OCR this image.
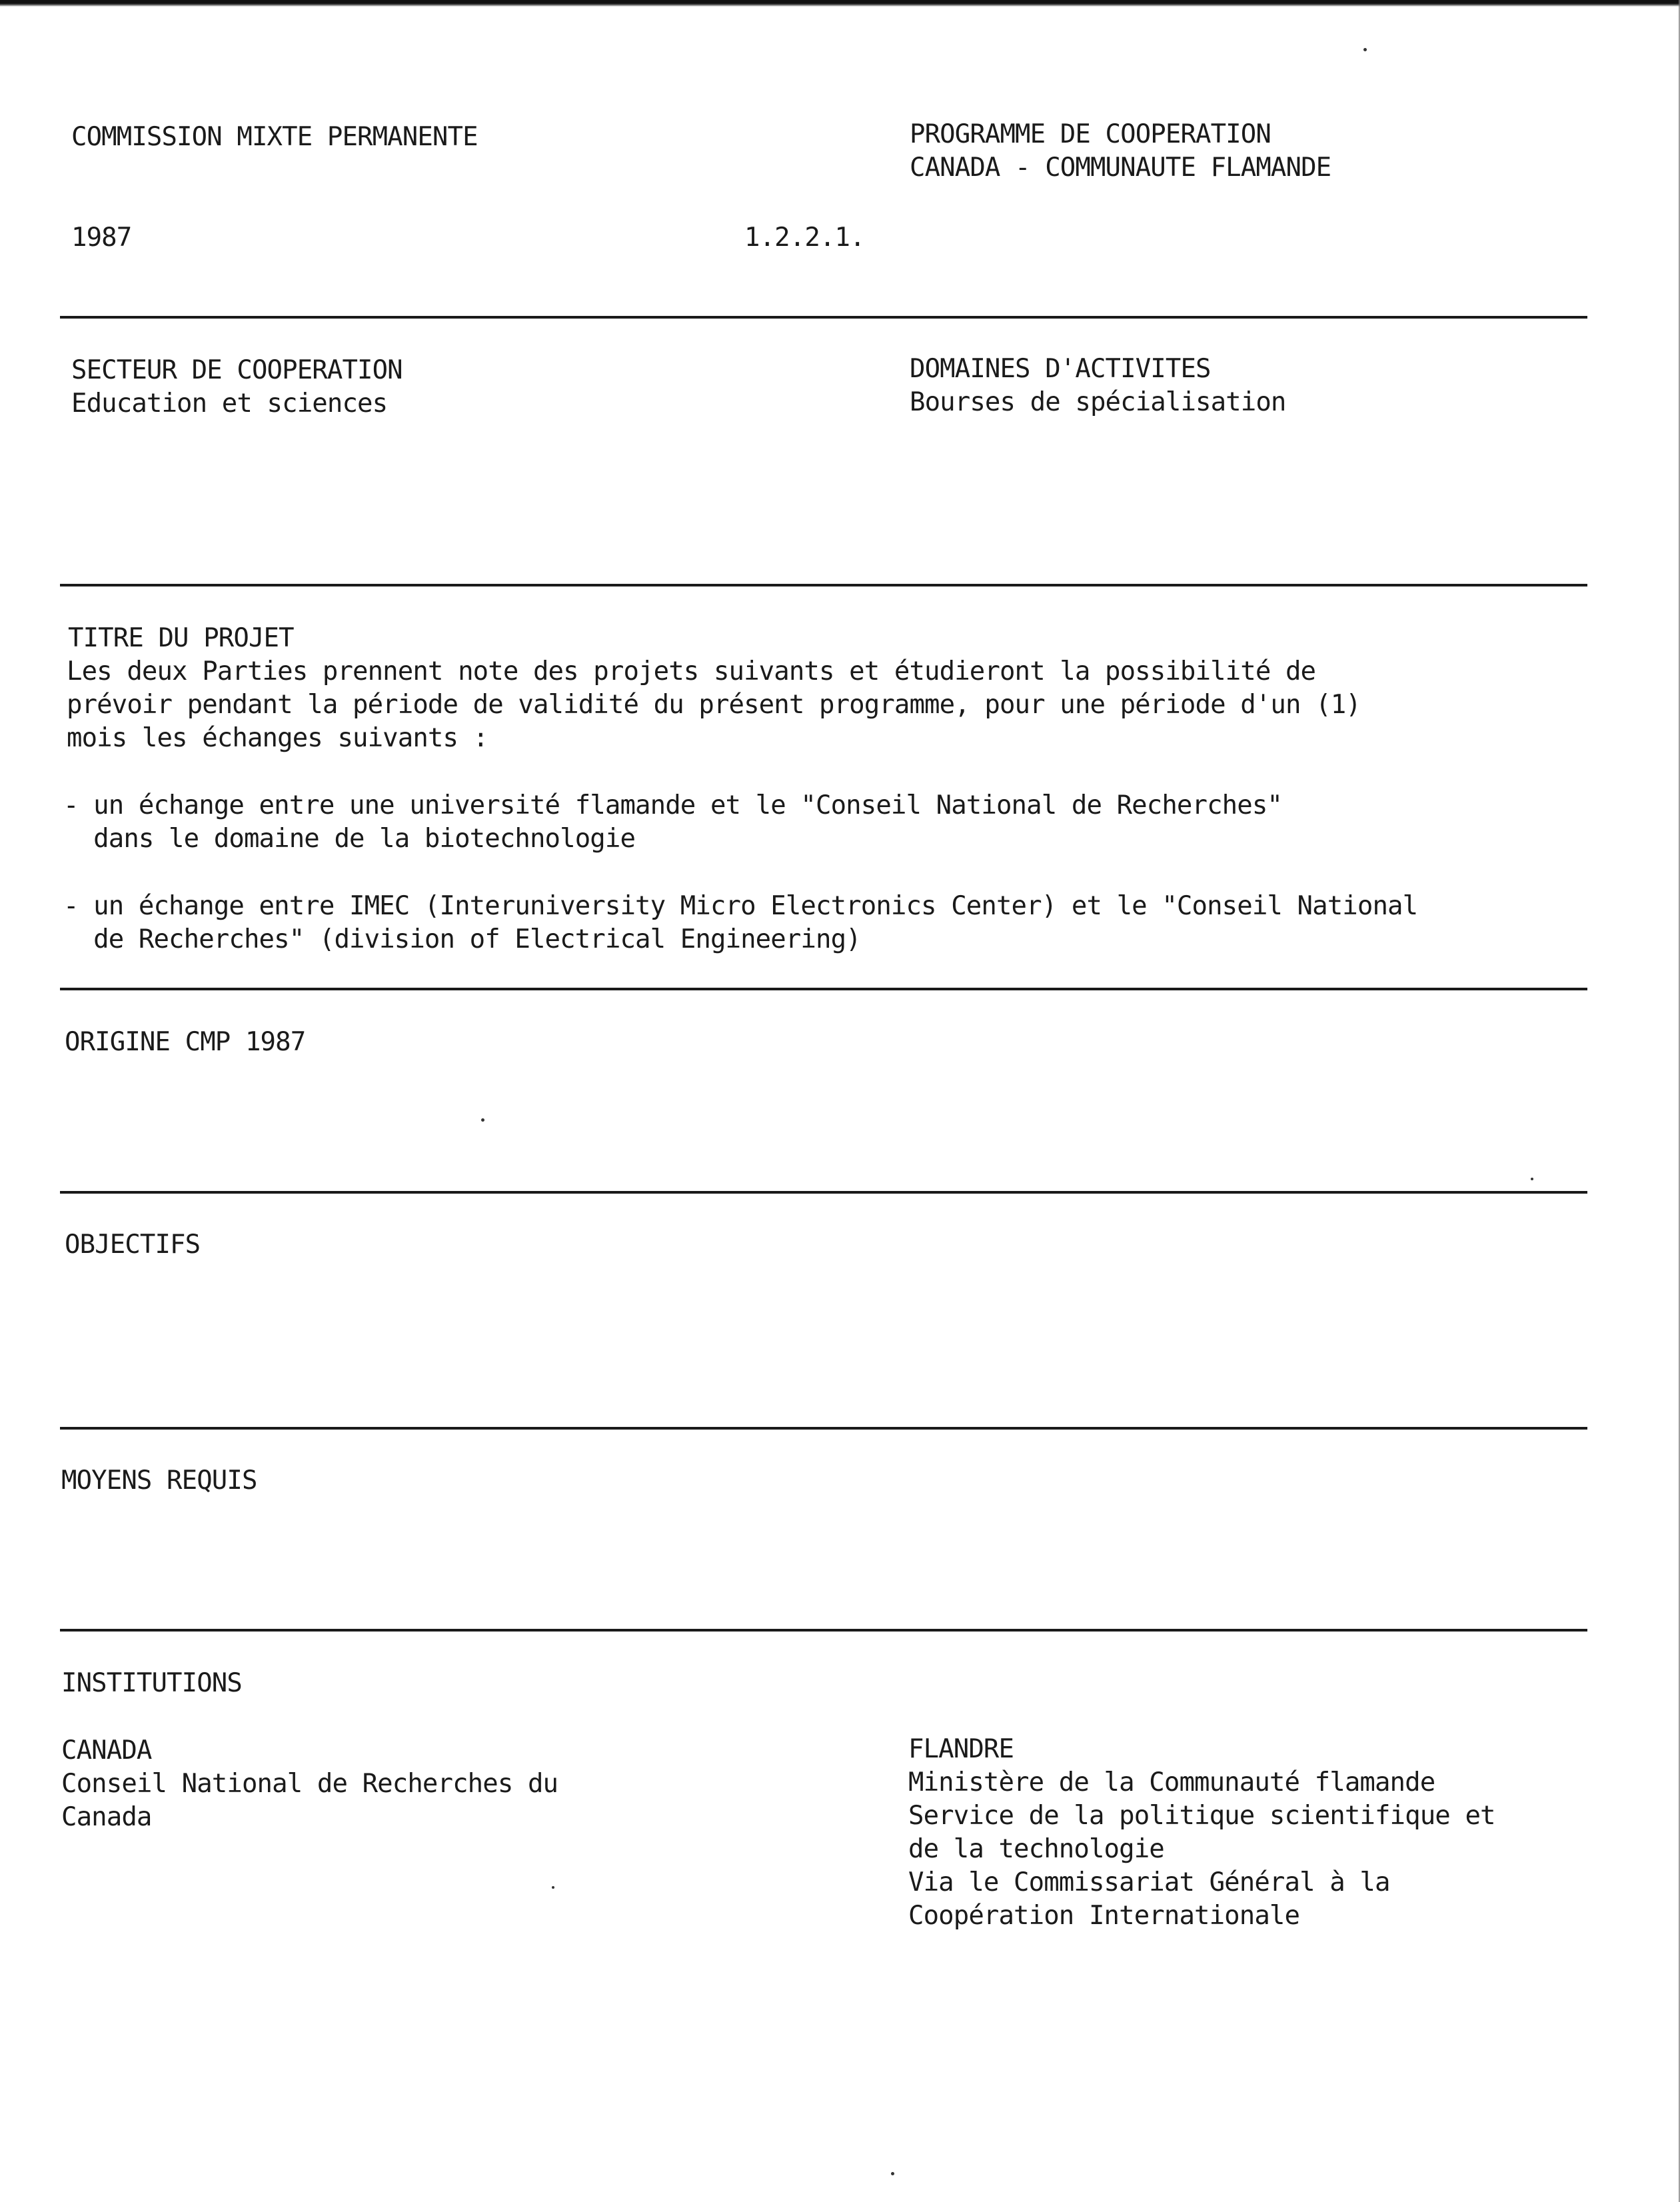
COMMISSION MIXTE PERMANENTE
1987	1.2.2.1.
PROGRAMME DE COOPERATION
CANADA - COMMUNAUTE FLAMANDE
SECTEUR DE COOPERATION
Education et sciences
DOMAINES D'ACTIVITES
Bourses de spécialisation
TITRE DU PROJET
Les deux Parties prennent note des projets suivants et étudieront la possibilité de
prévoir pendant la période de validité du présent programme, pour une période d'un (1)
mois les échanges suivants :
- un échange entre une université flamande et le "Conseil National de Recherches"
dans le domaine de la biotechnologie
- un échange entre IMEC (Interuniversity Micro Electronics Center) et le "Conseil National
de Recherches" (division of Electrical Engineering)
ORIGINE CMP 1987
OBJECTIFS
MOYENS REQUIS
INSTITUTIONS
CANADA
Conseil National de Recherches du
Canada
FLANDRE
Ministère de la Communauté flamande
Service de la politique scientifique et
de la technologie
Via le Commissariat Général à la
Coopération Internationale
